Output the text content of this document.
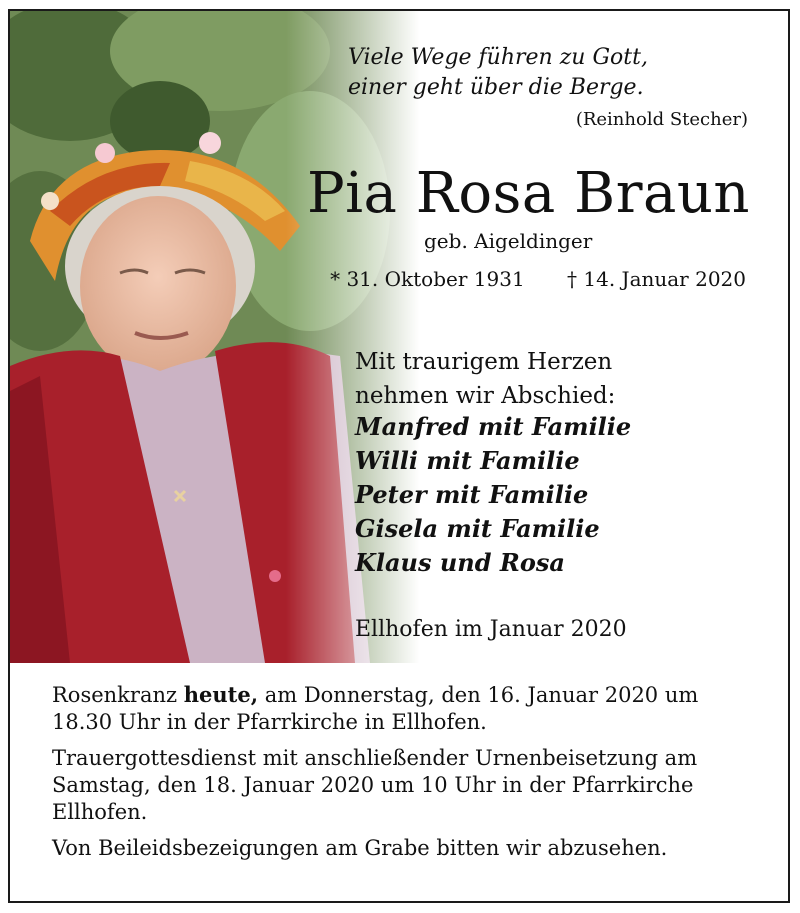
Viele Wege führen zu Gott,
einer geht über die Berge.
(Reinhold Stecher)
Pia Rosa Braun
geb. Aigeldinger
* 31. Oktober 1931 † 14. Januar 2020
Mit traurigem Herzen
nehmen wir Abschied:
Manfred mit Familie
Willi mit Familie
Peter mit Familie
Gisela mit Familie
Klaus und Rosa
Ellhofen im Januar 2020

Rosenkranz heute, am Donnerstag, den 16. Januar 2020 um 18.30 Uhr in der Pfarrkirche in Ellhofen.

Trauergottesdienst mit anschließender Urnenbeisetzung am Samstag, den 18. Januar 2020 um 10 Uhr in der Pfarrkirche Ellhofen.

Von Beileidsbezeigungen am Grabe bitten wir abzusehen.
